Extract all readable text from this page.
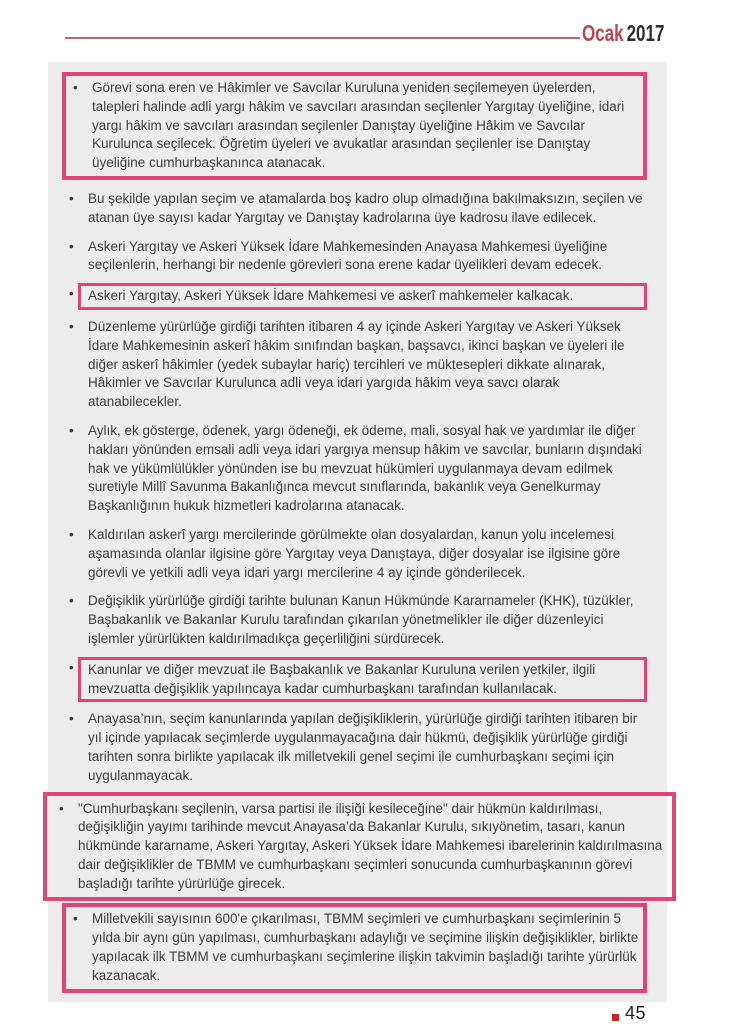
Ocak 2017
•	Görevi sona eren ve Hâkimler ve Savcılar Kuruluna yeniden seçilemeyen üyelerden, talepleri halinde adli yargı hâkim ve savcıları arasından seçilenler Yargıtay üyeliğine, idari yargı hâkim ve savcıları arasından seçilenler Danıştay üyeliğine Hâkim ve Savcılar Kurulunca seçilecek. Öğretim üyeleri ve avukatlar arasından seçilenler ise Danıştay üyeliğine cumhurbaşkanınca atanacak.
•	Bu şekilde yapılan seçim ve atamalarda boş kadro olup olmadığına bakılmaksızın, seçilen ve atanan üye sayısı kadar Yargıtay ve Danıştay kadrolarına üye kadrosu ilave edilecek.
•	Askeri Yargıtay ve Askeri Yüksek İdare Mahkemesinden Anayasa Mahkemesi üyeliğine seçilenlerin, herhangi bir nedenle görevleri sona erene kadar üyelikleri devam edecek.
•	Askeri Yargıtay, Askeri Yüksek İdare Mahkemesi ve askerî mahkemeler kalkacak.
•	Düzenleme yürürlüğe girdiği tarihten itibaren 4 ay içinde Askeri Yargıtay ve Askeri Yüksek İdare Mahkemesinin askerî hâkim sınıfından başkan, başsavcı, ikinci başkan ve üyeleri ile diğer askerî hâkimler (yedek subaylar hariç) tercihleri ve müktesepleri dikkate alınarak, Hâkimler ve Savcılar Kurulunca adli veya idari yargıda hâkim veya savcı olarak atanabilecekler.
•	Aylık, ek gösterge, ödenek, yargı ödeneği, ek ödeme, mali, sosyal hak ve yardımlar ile diğer hakları yönünden emsali adli veya idari yargıya mensup hâkim ve savcılar, bunların dışındaki hak ve yükümlülükler yönünden ise bu mevzuat hükümleri uygulanmaya devam edilmek suretiyle Millî Savunma Bakanlığınca mevcut sınıflarında, bakanlık veya Genelkurmay Başkanlığının hukuk hizmetleri kadrolarına atanacak.
•	Kaldırılan askerî yargı mercilerinde görülmekte olan dosyalardan, kanun yolu incelemesi aşamasında olanlar ilgisine göre Yargıtay veya Danıştaya, diğer dosyalar ise ilgisine göre görevli ve yetkili adli veya idari yargı mercilerine 4 ay içinde gönderilecek.
•	Değişiklik yürürlüğe girdiği tarihte bulunan Kanun Hükmünde Kararnameler (KHK), tüzükler, Başbakanlık ve Bakanlar Kurulu tarafından çıkarılan yönetmelikler ile diğer düzenleyici işlemler yürürlükten kaldırılmadıkça geçerliliğini sürdürecek.
•	Kanunlar ve diğer mevzuat ile Başbakanlık ve Bakanlar Kuruluna verilen yetkiler, ilgili mevzuatta değişiklik yapılıncaya kadar cumhurbaşkanı tarafından kullanılacak.
•	Anayasa’nın, seçim kanunlarında yapılan değişikliklerin, yürürlüğe girdiği tarihten itibaren bir yıl içinde yapılacak seçimlerde uygulanmayacağına dair hükmü, değişiklik yürürlüğe girdiği tarihten sonra birlikte yapılacak ilk milletvekili genel seçimi ile cumhurbaşkanı seçimi için uygulanmayacak.
•	"Cumhurbaşkanı seçilenin, varsa partisi ile ilişiği kesileceğine" dair hükmün kaldırılması, değişikliğin yayımı tarihinde mevcut Anayasa’da Bakanlar Kurulu, sıkıyönetim, tasarı, kanun hükmünde kararname, Askeri Yargıtay, Askeri Yüksek İdare Mahkemesi ibarelerinin kaldırılmasına dair değişiklikler de TBMM ve cumhurbaşkanı seçimleri sonucunda cumhurbaşkanının görevi başladığı tarihte yürürlüğe girecek.
•	Milletvekili sayısının 600'e çıkarılması, TBMM seçimleri ve cumhurbaşkanı seçimlerinin 5 yılda bir aynı gün yapılması, cumhurbaşkanı adaylığı ve seçimine ilişkin değişiklikler, birlikte yapılacak ilk TBMM ve cumhurbaşkanı seçimlerine ilişkin takvimin başladığı tarihte yürürlük kazanacak.
45
